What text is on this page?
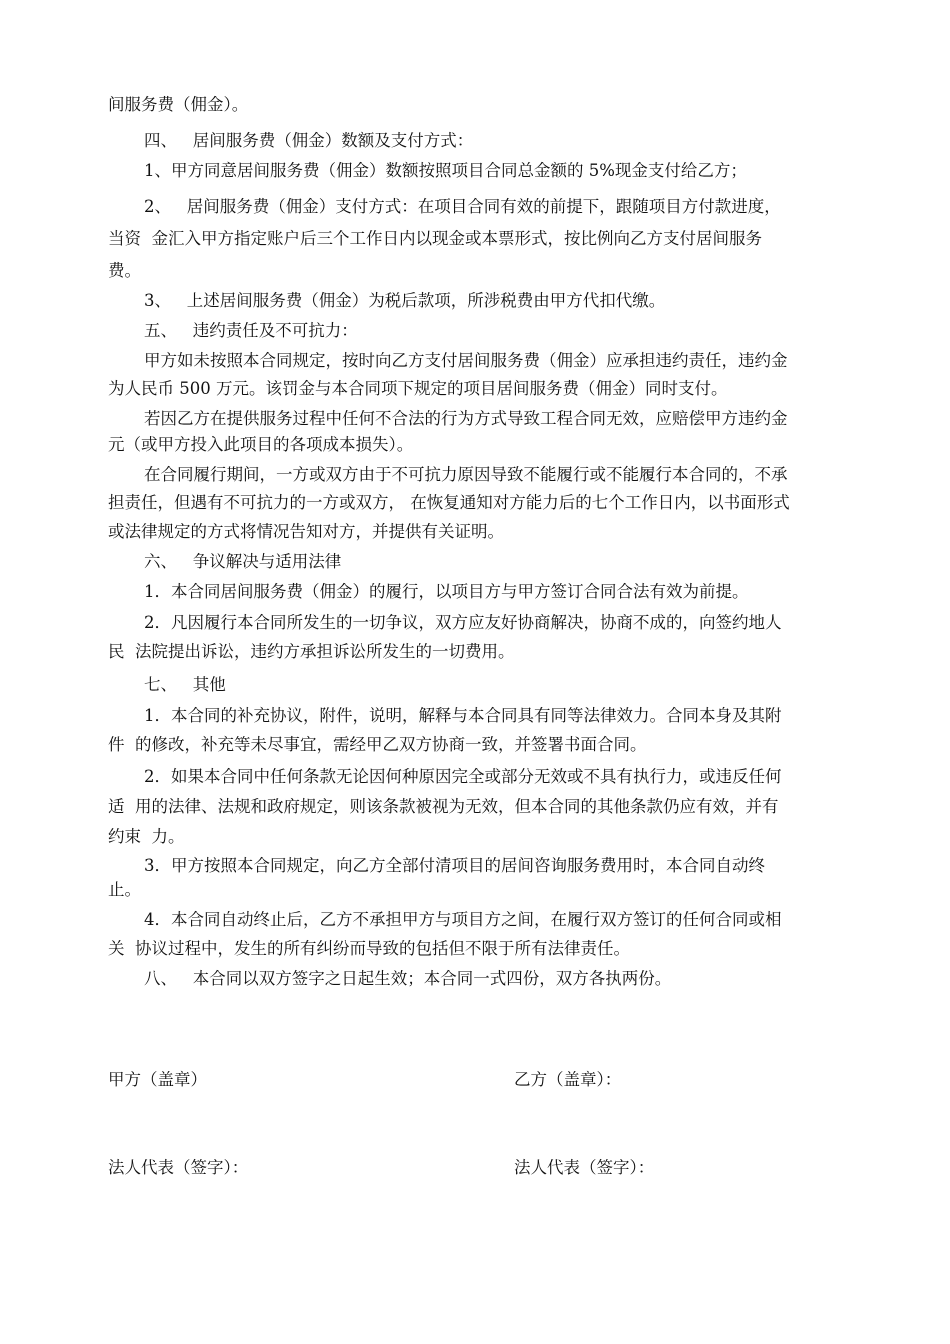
间服务费（佣金）。
四、   居间服务费（佣金）数额及支付方式：
1、甲方同意居间服务费（佣金）数额按照项目合同总金额的 5%现金支付给乙方；
2、   居间服务费（佣金）支付方式：在项目合同有效的前提下，跟随项目方付款进度，
当资  金汇入甲方指定账户后三个工作日内以现金或本票形式，按比例向乙方支付居间服务
费。
3、   上述居间服务费（佣金）为税后款项，所涉税费由甲方代扣代缴。
五、   违约责任及不可抗力：
甲方如未按照本合同规定，按时向乙方支付居间服务费（佣金）应承担违约责任，违约金
为人民币 500 万元。该罚金与本合同项下规定的项目居间服务费（佣金）同时支付。
若因乙方在提供服务过程中任何不合法的行为方式导致工程合同无效，应赔偿甲方违约金
元（或甲方投入此项目的各项成本损失）。
在合同履行期间，一方或双方由于不可抗力原因导致不能履行或不能履行本合同的，不承
担责任，但遇有不可抗力的一方或双方， 在恢复通知对方能力后的七个工作日内，以书面形式
或法律规定的方式将情况告知对方，并提供有关证明。
六、   争议解决与适用法律
1．本合同居间服务费（佣金）的履行，以项目方与甲方签订合同合法有效为前提。
2．凡因履行本合同所发生的一切争议，双方应友好协商解决，协商不成的，向签约地人
民  法院提出诉讼，违约方承担诉讼所发生的一切费用。
七、   其他
1．本合同的补充协议，附件，说明，解释与本合同具有同等法律效力。合同本身及其附
件  的修改，补充等未尽事宜，需经甲乙双方协商一致，并签署书面合同。
2．如果本合同中任何条款无论因何种原因完全或部分无效或不具有执行力，或违反任何
适  用的法律、法规和政府规定，则该条款被视为无效，但本合同的其他条款仍应有效，并有
约束  力。
3．甲方按照本合同规定，向乙方全部付清项目的居间咨询服务费用时，本合同自动终
止。
4．本合同自动终止后，乙方不承担甲方与项目方之间，在履行双方签订的任何合同或相
关  协议过程中，发生的所有纠纷而导致的包括但不限于所有法律责任。
八、   本合同以双方签字之日起生效；本合同一式四份，双方各执两份。
甲方（盖章）	乙方（盖章）：
法人代表（签字）：	法人代表（签字）：
